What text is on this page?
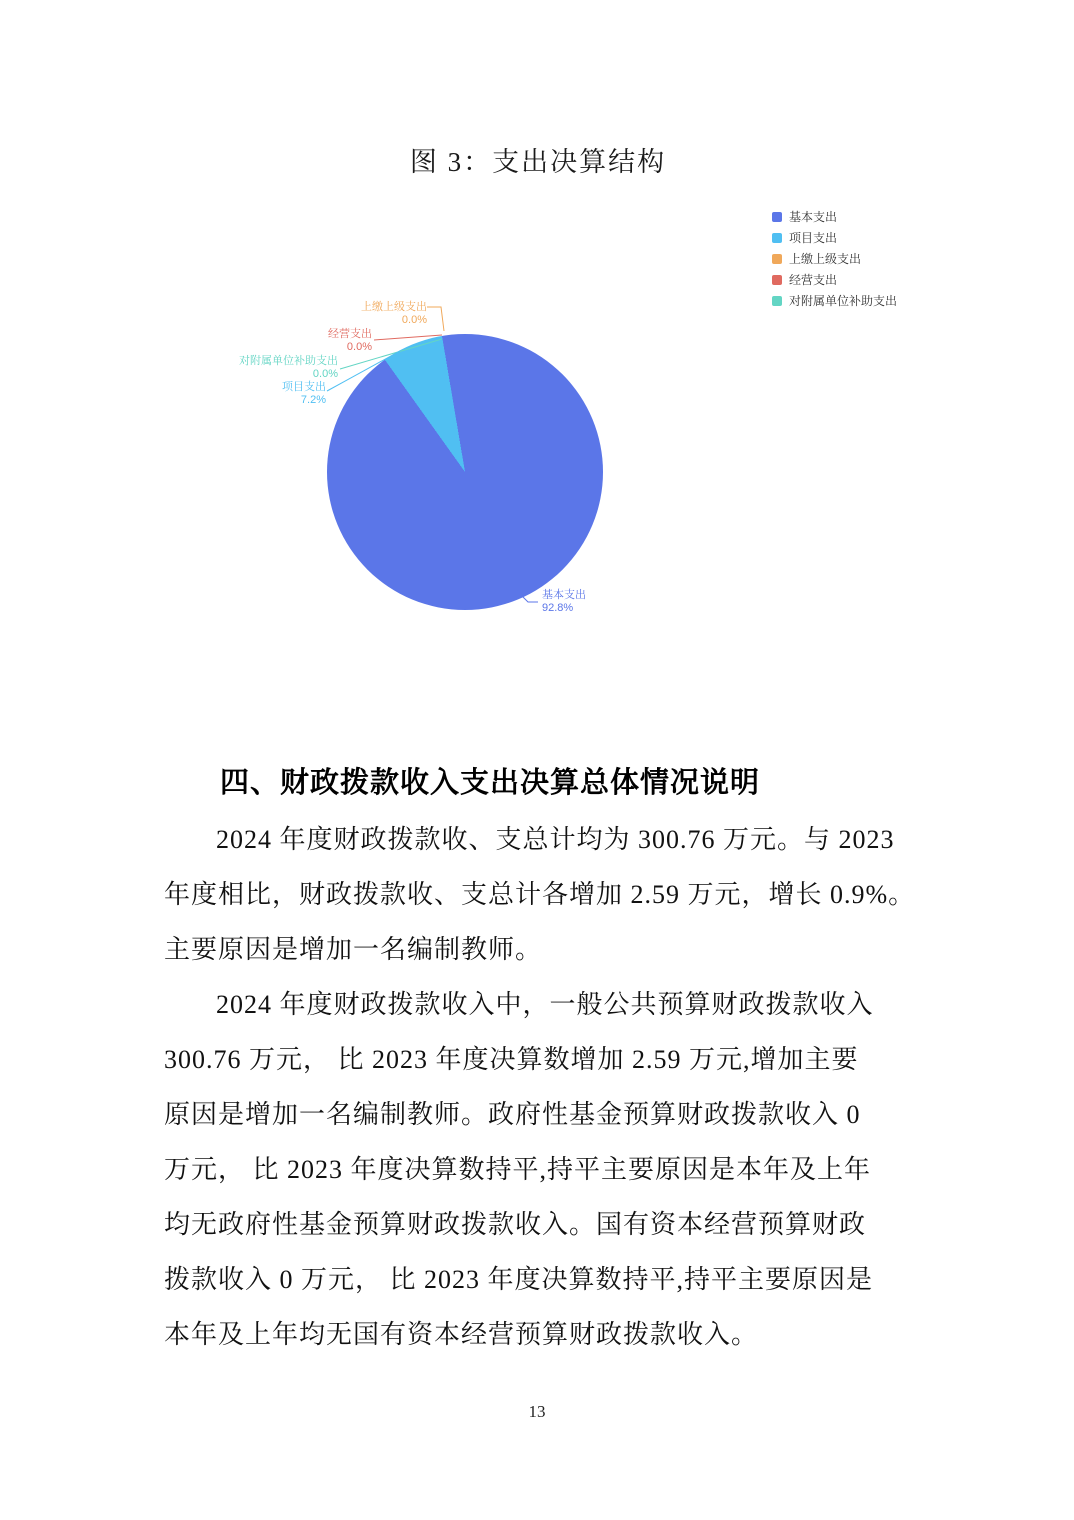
图 3：支出决算结构
基本支出
项目支出
上缴上级支出
经营支出
对附属单位补助支出
上缴上级支出
0.0%
经营支出
0.0%
对附属单位补助支出
0.0%
项目支出
7.2%
基本支出
92.8%
四、财政拨款收入支出决算总体情况说明
2024 年度财政拨款收、支总计均为 300.76 万元。与 2023
年度相比，财政拨款收、支总计各增加 2.59 万元，增长 0.9%。
主要原因是增加一名编制教师。
2024 年度财政拨款收入中，一般公共预算财政拨款收入
300.76 万元， 比 2023 年度决算数增加 2.59 万元,增加主要
原因是增加一名编制教师。政府性基金预算财政拨款收入 0
万元， 比 2023 年度决算数持平,持平主要原因是本年及上年
均无政府性基金预算财政拨款收入。国有资本经营预算财政
拨款收入 0 万元， 比 2023 年度决算数持平,持平主要原因是
本年及上年均无国有资本经营预算财政拨款收入。
13
